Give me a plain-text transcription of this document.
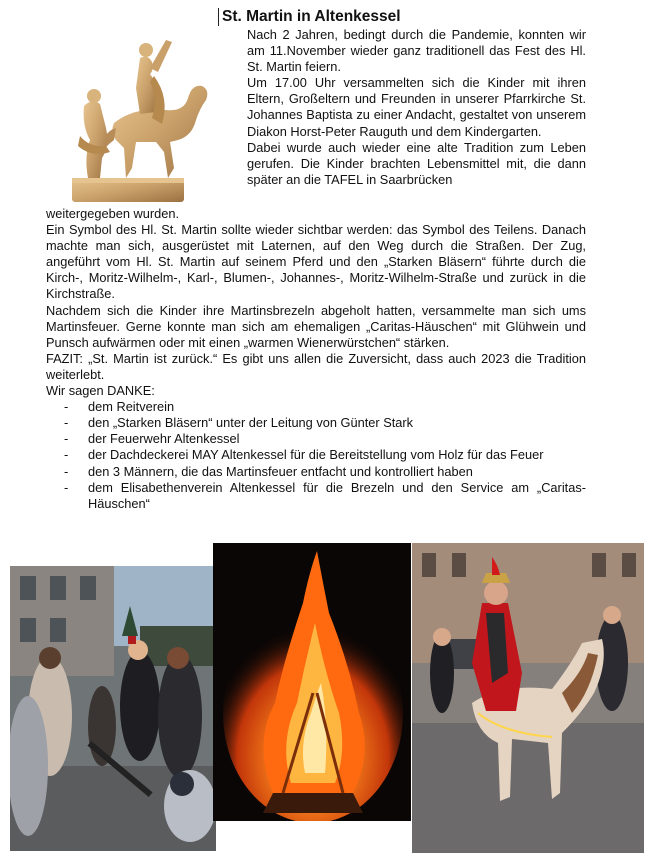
St. Martin in Altenkessel

Nach 2 Jahren, bedingt durch die Pandemie, konnten wir am 11.November wieder ganz traditionell das Fest des Hl. St. Martin feiern.

Um 17.00 Uhr versammelten sich die Kinder mit ihren Eltern, Großeltern und Freunden in unserer Pfarrkirche St. Johannes Baptista zu einer Andacht, gestaltet von unserem Diakon Horst-Peter Rauguth und dem Kindergarten.

Dabei wurde auch wieder eine alte Tradition zum Leben gerufen. Die Kinder brachten Lebensmittel mit, die dann später an die TAFEL in Saarbrücken

weitergegeben wurden.

Ein Symbol des Hl. St. Martin sollte wieder sichtbar werden: das Symbol des Teilens. Danach machte man sich, ausgerüstet mit Laternen, auf den Weg durch die Straßen. Der Zug, angeführt vom Hl. St. Martin auf seinem Pferd und den „Starken Bläsern“ führte durch die Kirch-, Moritz-Wilhelm-, Karl-, Blumen-, Johannes-, Moritz-Wilhelm-Straße und zurück in die Kirchstraße.

Nachdem sich die Kinder ihre Martinsbrezeln abgeholt hatten, versammelte man sich ums Martinsfeuer. Gerne konnte man sich am ehemaligen „Caritas-Häuschen“ mit Glühwein und Punsch aufwärmen oder mit einen „warmen Wienerwürstchen“ stärken.

FAZIT: „St. Martin ist zurück.“ Es gibt uns allen die Zuversicht, dass auch 2023 die Tradition weiterlebt.

Wir sagen DANKE:

- dem Reitverein
- den „Starken Bläsern“ unter der Leitung von Günter Stark
- der Feuerwehr Altenkessel
- der Dachdeckerei MAY Altenkessel für die Bereitstellung vom Holz für das Feuer
- den 3 Männern, die das Martinsfeuer entfacht und kontrolliert haben
- dem Elisabethenverein Altenkessel für die Brezeln und den Service am „Caritas-Häuschen“
